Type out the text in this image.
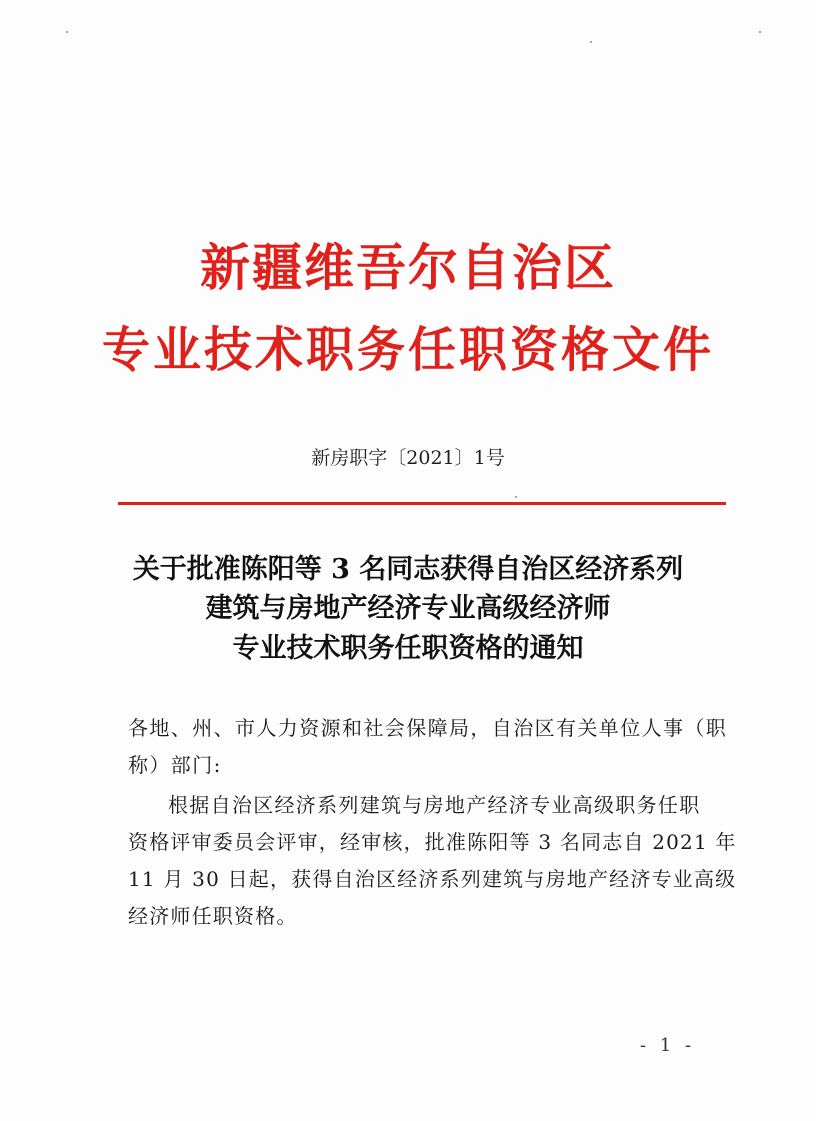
新疆维吾尔自治区
专业技术职务任职资格文件
新房职字〔2021〕1号
关于批准陈阳等 3 名同志获得自治区经济系列
建筑与房地产经济专业高级经济师
专业技术职务任职资格的通知
各地、州、市人力资源和社会保障局，自治区有关单位人事（职
称）部门:
根据自治区经济系列建筑与房地产经济专业高级职务任职
资格评审委员会评审，经审核，批准陈阳等 3 名同志自 2021 年
11 月 30 日起，获得自治区经济系列建筑与房地产经济专业高级
经济师任职资格。
- 1 -
